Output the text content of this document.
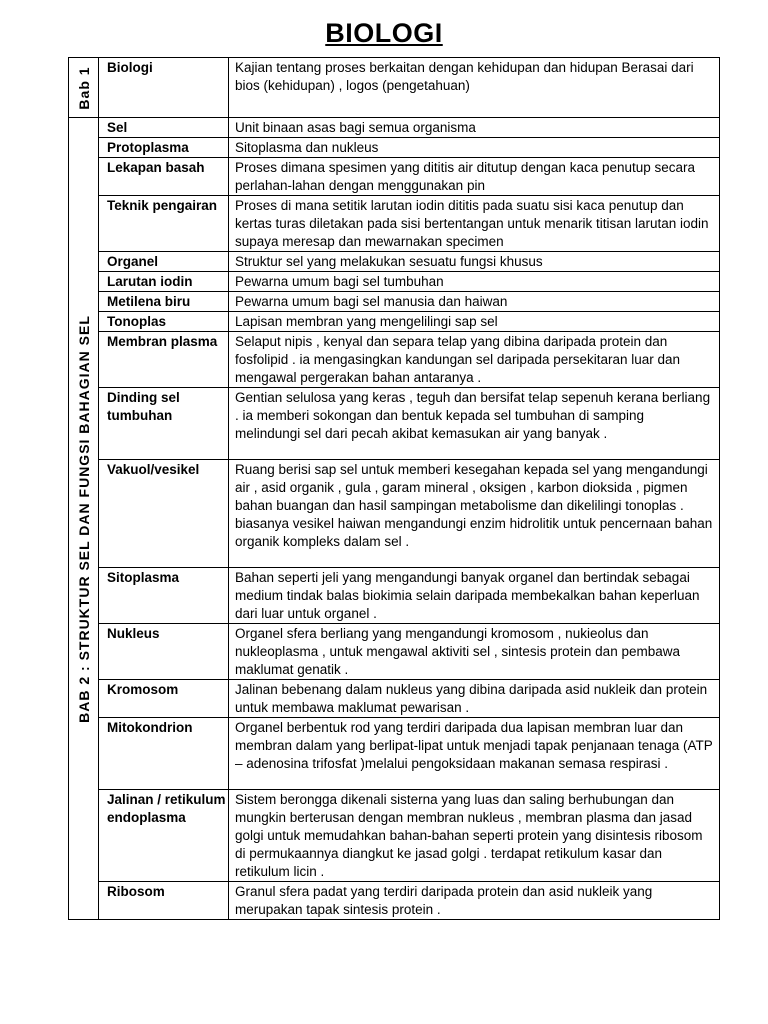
BIOLOGI
Bab 1	Biologi	Kajian tentang proses berkaitan dengan kehidupan dan hidupan Berasai dari bios (kehidupan) , logos (pengetahuan)

BAB 2 : STRUKTUR SEL DAN FUNGSI BAHAGIAN SEL	Sel	Unit binaan asas bagi semua organisma
	Protoplasma	Sitoplasma dan nukleus
	Lekapan basah	Proses dimana spesimen yang dititis air ditutup dengan kaca penutup secara perlahan-lahan dengan menggunakan pin
	Teknik pengairan	Proses di mana setitik larutan iodin dititis pada suatu sisi kaca penutup dan kertas turas diletakan pada sisi bertentangan untuk menarik titisan larutan iodin supaya meresap dan mewarnakan specimen
	Organel	Struktur sel yang melakukan sesuatu fungsi khusus
	Larutan iodin	Pewarna umum bagi sel tumbuhan
	Metilena biru	Pewarna umum bagi sel manusia dan haiwan
	Tonoplas	Lapisan membran yang mengelilingi sap sel
	Membran plasma	Selaput nipis , kenyal dan separa telap yang dibina daripada protein dan fosfolipid . ia mengasingkan kandungan sel daripada persekitaran luar dan mengawal pergerakan bahan antaranya .
	Dinding sel tumbuhan	Gentian selulosa yang keras , teguh dan bersifat telap sepenuh kerana berliang . ia memberi sokongan dan bentuk kepada sel tumbuhan di samping melindungi sel dari pecah akibat kemasukan air yang banyak .
	Vakuol/vesikel	Ruang berisi sap sel untuk memberi kesegahan kepada sel yang mengandungi air , asid organik , gula , garam mineral , oksigen , karbon dioksida , pigmen bahan buangan dan hasil sampingan metabolisme dan dikelilingi tonoplas . biasanya vesikel haiwan mengandungi enzim hidrolitik untuk pencernaan bahan organik kompleks dalam sel .
	Sitoplasma	Bahan seperti jeli yang mengandungi banyak organel dan bertindak sebagai medium tindak balas biokimia selain daripada membekalkan bahan keperluan dari luar untuk organel .
	Nukleus	Organel sfera berliang yang mengandungi kromosom , nukieolus dan nukleoplasma , untuk mengawal aktiviti sel , sintesis protein dan pembawa maklumat genatik .
	Kromosom	Jalinan bebenang dalam nukleus yang dibina daripada asid nukleik dan protein untuk membawa maklumat pewarisan .
	Mitokondrion	Organel berbentuk rod yang terdiri daripada dua lapisan membran luar dan membran dalam yang berlipat-lipat untuk menjadi tapak penjanaan tenaga (ATP – adenosina trifosfat )melalui pengoksidaan makanan semasa respirasi .
	Jalinan / retikulum endoplasma	Sistem berongga dikenali sisterna yang luas dan saling berhubungan dan mungkin berterusan dengan membran nukleus , membran plasma dan jasad golgi untuk memudahkan bahan-bahan seperti protein yang disintesis ribosom di permukaannya diangkut ke jasad golgi . terdapat retikulum kasar dan retikulum licin .
	Ribosom	Granul sfera padat yang terdiri daripada protein dan asid nukleik yang merupakan tapak sintesis protein .
